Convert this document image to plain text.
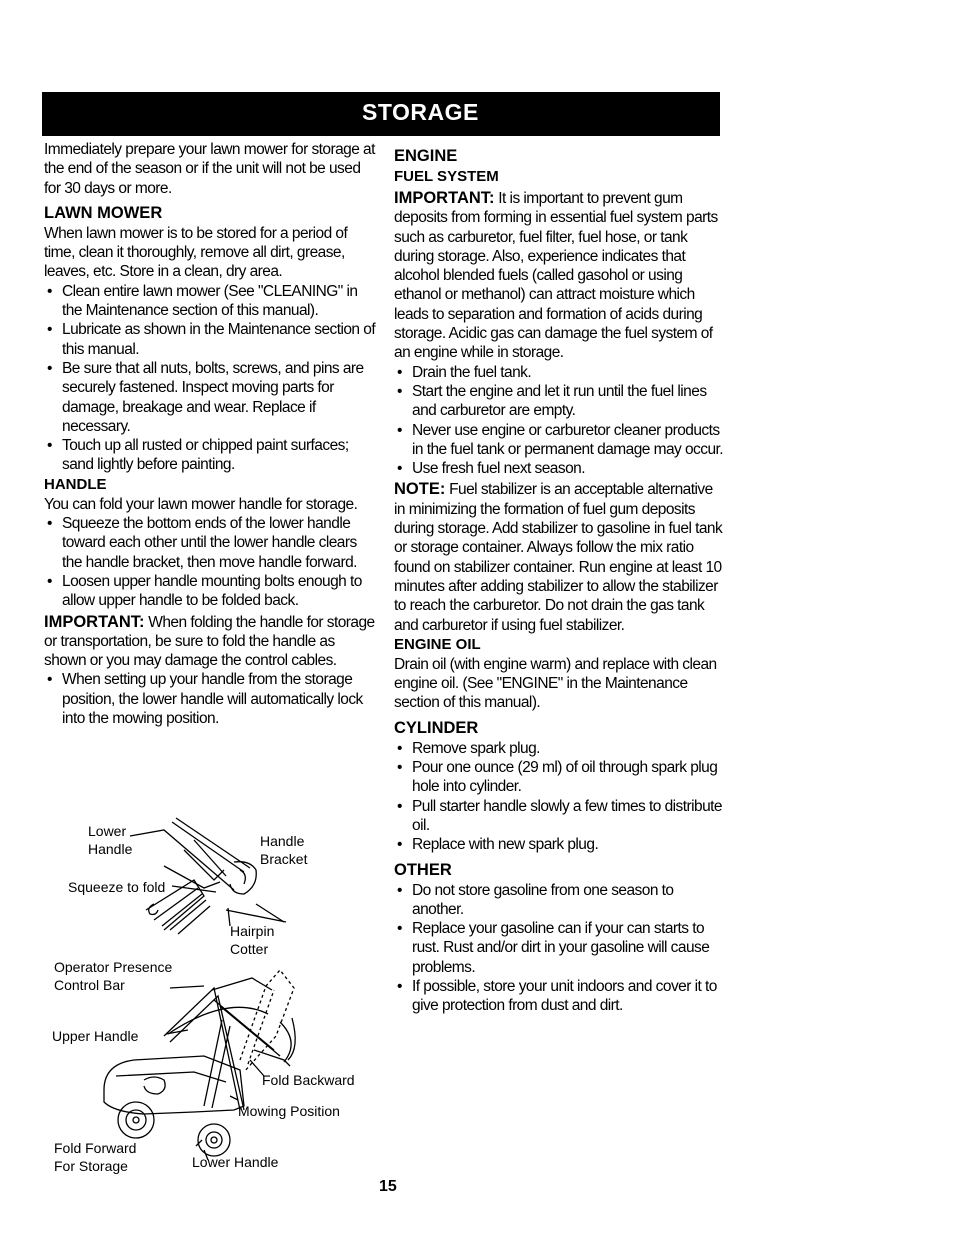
STORAGE

Immediately prepare your lawn mower for storage at the end of the season or if the unit will not be used for 30 days or more.

LAWN MOWER

When lawn mower is to be stored for a period of time, clean it thoroughly, remove all dirt, grease, leaves, etc. Store in a clean, dry area.

• Clean entire lawn mower (See "CLEANING" in the Maintenance section of this manual).
• Lubricate as shown in the Maintenance section of this manual.
• Be sure that all nuts, bolts, screws, and pins are securely fastened. Inspect moving parts for damage, breakage and wear. Replace if necessary.
• Touch up all rusted or chipped paint surfaces; sand lightly before painting.
HANDLE

You can fold your lawn mower handle for storage.

• Squeeze the bottom ends of the lower handle toward each other until the lower handle clears the handle bracket, then move handle forward.
• Loosen upper handle mounting bolts enough to allow upper handle to be folded back.

IMPORTANT: When folding the handle for storage or transportation, be sure to fold the handle as shown or you may damage the control cables.

• When setting up your handle from the storage position, the lower handle will automatically lock into the mowing position.
Lower Handle	Handle Bracket
Squeeze to fold
Hairpin Cotter
Operator Presence Control Bar
Upper Handle
Fold Backward
Mowing Position
Fold Forward For Storage	Lower Handle
ENGINE
FUEL SYSTEM

IMPORTANT: It is important to prevent gum deposits from forming in essential fuel system parts such as carburetor, fuel filter, fuel hose, or tank during storage. Also, experience indicates that alcohol blended fuels (called gasohol or using ethanol or methanol) can attract moisture which leads to separation and formation of acids during storage. Acidic gas can damage the fuel system of an engine while in storage.

• Drain the fuel tank.
• Start the engine and let it run until the fuel lines and carburetor are empty.
• Never use engine or carburetor cleaner products in the fuel tank or permanent damage may occur.
• Use fresh fuel next season.

NOTE: Fuel stabilizer is an acceptable alternative in minimizing the formation of fuel gum deposits during storage. Add stabilizer to gasoline in fuel tank or storage container. Always follow the mix ratio found on stabilizer container. Run engine at least 10 minutes after adding stabilizer to allow the stabilizer to reach the carburetor. Do not drain the gas tank and carburetor if using fuel stabilizer.

ENGINE OIL

Drain oil (with engine warm) and replace with clean engine oil. (See "ENGINE" in the Maintenance section of this manual).

CYLINDER
• Remove spark plug.
• Pour one ounce (29 ml) of oil through spark plug hole into cylinder.
• Pull starter handle slowly a few times to distribute oil.
• Replace with new spark plug.
OTHER
• Do not store gasoline from one season to another.
• Replace your gasoline can if your can starts to rust. Rust and/or dirt in your gasoline will cause problems.
• If possible, store your unit indoors and cover it to give protection from dust and dirt.
15
